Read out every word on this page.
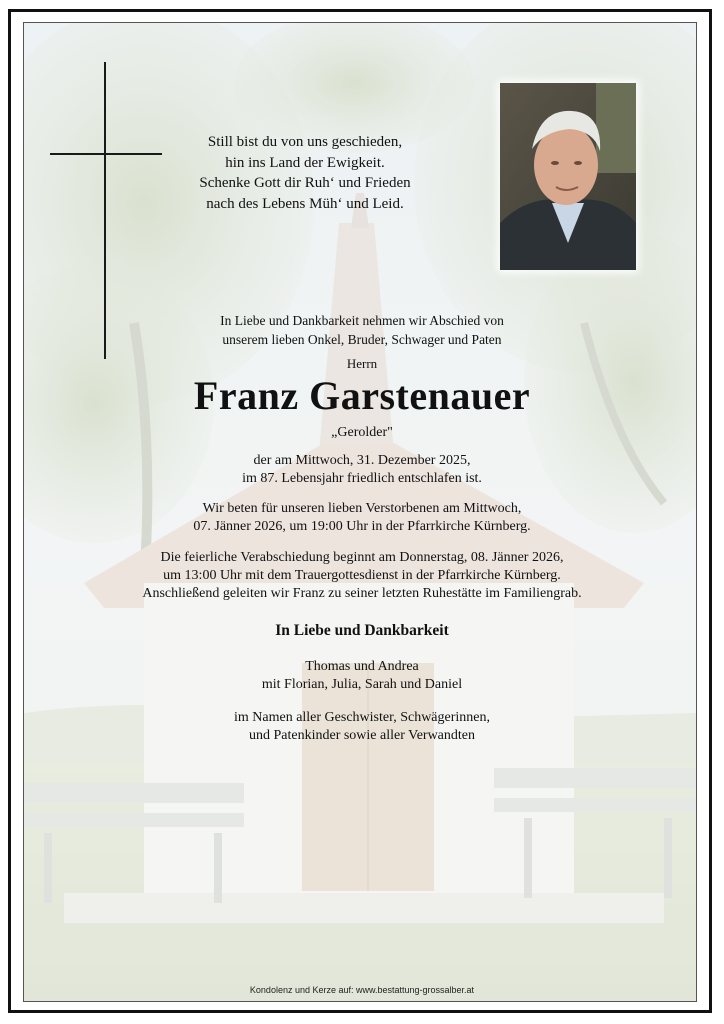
Still bist du von uns geschieden,
hin ins Land der Ewigkeit.
Schenke Gott dir Ruh‘ und Frieden
nach des Lebens Müh‘ und Leid.
In Liebe und Dankbarkeit nehmen wir Abschied von
unserem lieben Onkel, Bruder, Schwager und Paten
Herrn
Franz Garstenauer
„Gerolder"
der am Mittwoch, 31. Dezember 2025,
im 87. Lebensjahr friedlich entschlafen ist.
Wir beten für unseren lieben Verstorbenen am Mittwoch,
07. Jänner 2026, um 19:00 Uhr in der Pfarrkirche Kürnberg.
Die feierliche Verabschiedung beginnt am Donnerstag, 08. Jänner 2026,
um 13:00 Uhr mit dem Trauergottesdienst in der Pfarrkirche Kürnberg.
Anschließend geleiten wir Franz zu seiner letzten Ruhestätte im Familiengrab.
In Liebe und Dankbarkeit
Thomas und Andrea
mit Florian, Julia, Sarah und Daniel
im Namen aller Geschwister, Schwägerinnen,
und Patenkinder sowie aller Verwandten
Kondolenz und Kerze auf: www.bestattung-grossalber.at
